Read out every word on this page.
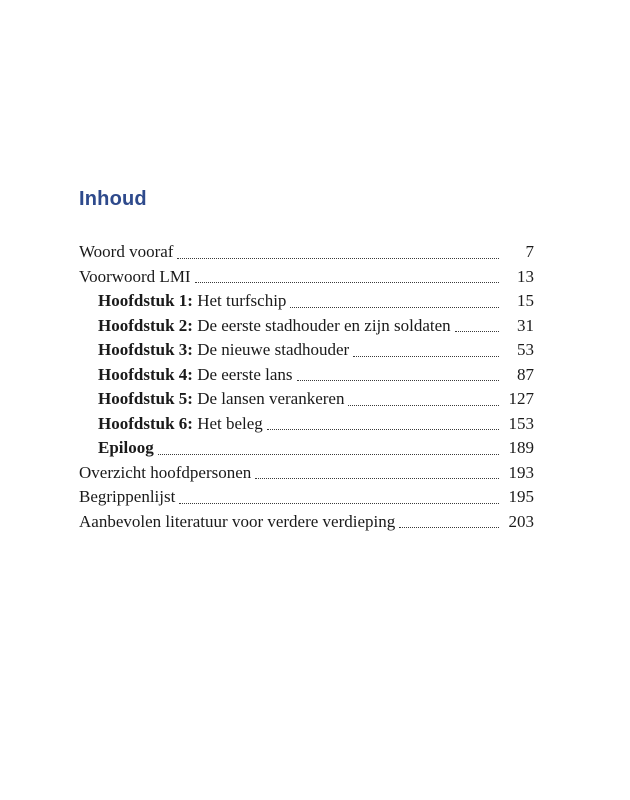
Inhoud
Woord vooraf	7
Voorwoord LMI	13
Hoofdstuk 1: Het turfschip	15
Hoofdstuk 2: De eerste stadhouder en zijn soldaten	31
Hoofdstuk 3: De nieuwe stadhouder	53
Hoofdstuk 4: De eerste lans	87
Hoofdstuk 5: De lansen verankeren	127
Hoofdstuk 6: Het beleg	153
Epiloog	189
Overzicht hoofdpersonen	193
Begrippenlijst	195
Aanbevolen literatuur voor verdere verdieping	203
